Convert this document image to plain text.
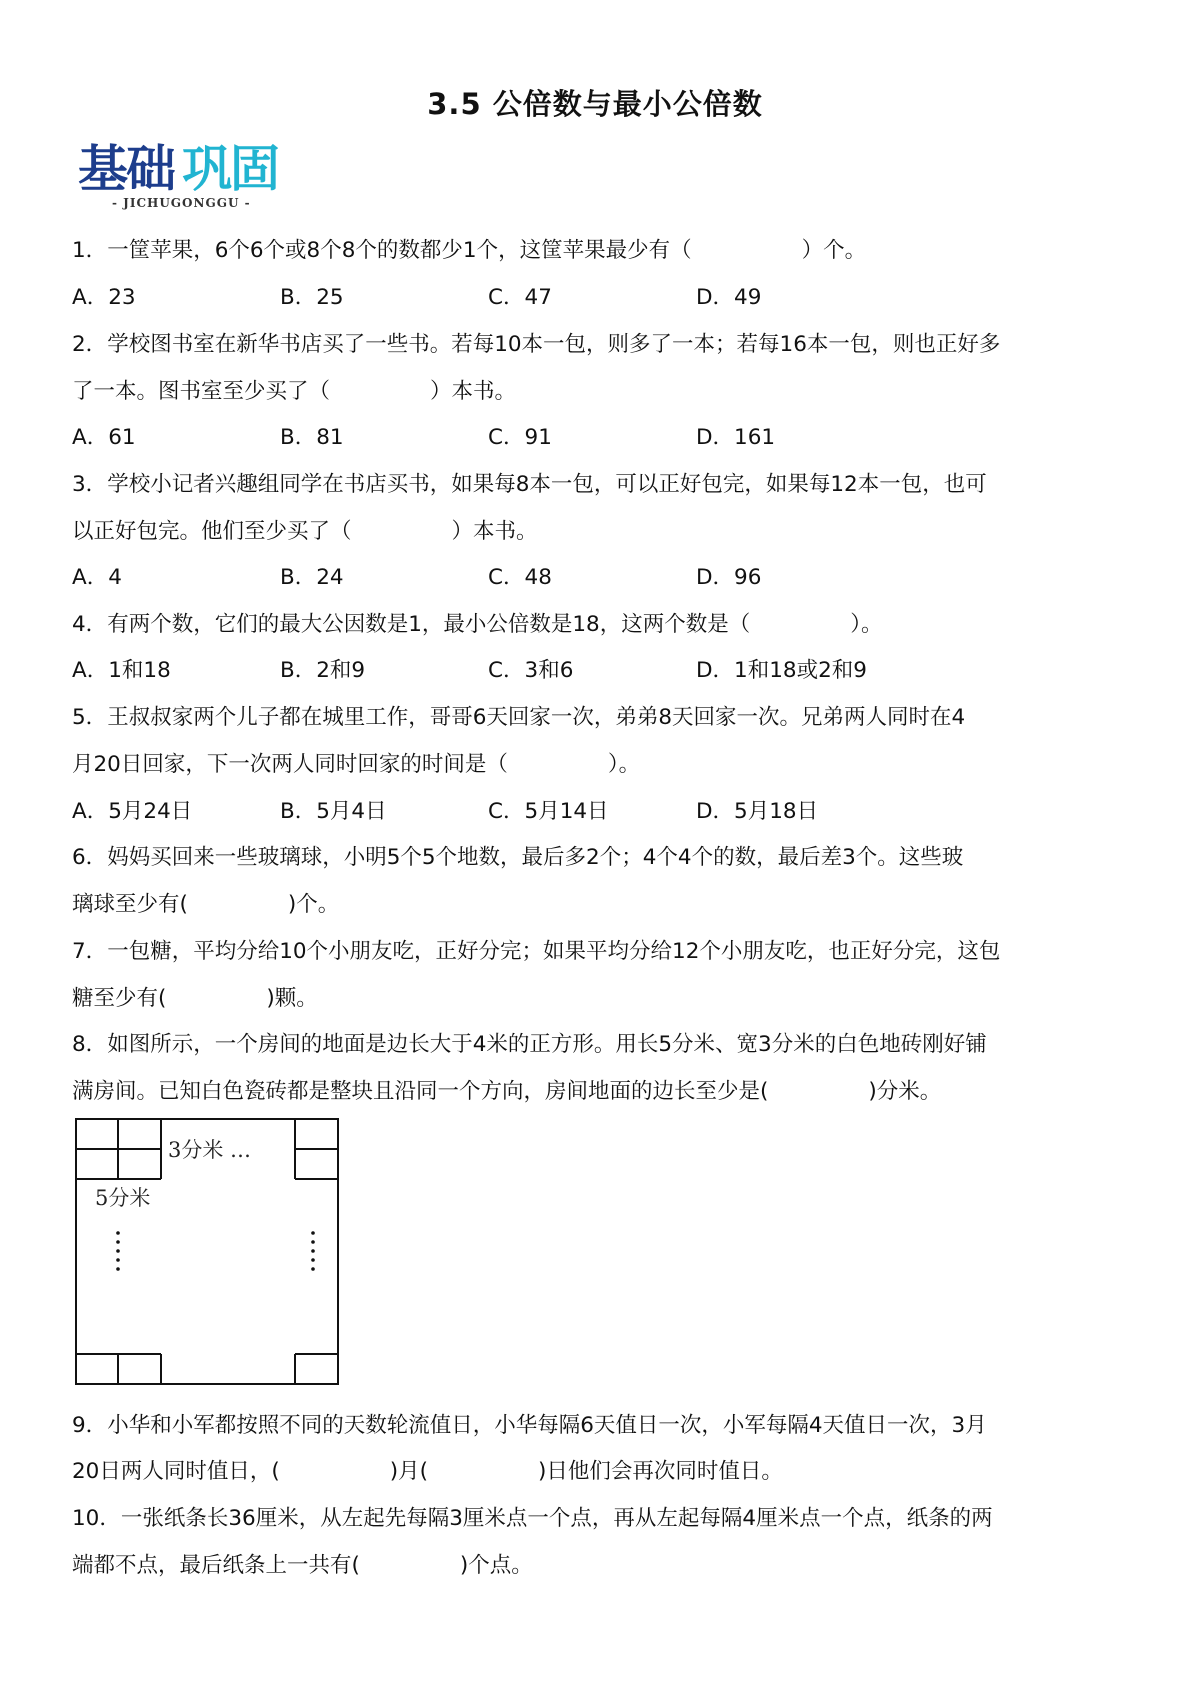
3.5 公倍数与最小公倍数
基础 巩固
- JICHUGONGGU -
1．一筐苹果，6个6个或8个8个的数都少1个，这筐苹果最少有（	）个。
A．23	B．25	C．47	D．49
2．学校图书室在新华书店买了一些书。若每10本一包，则多了一本；若每16本一包，则也正好多
了一本。图书室至少买了（	）本书。
A．61	B．81	C．91	D．161
3．学校小记者兴趣组同学在书店买书，如果每8本一包，可以正好包完，如果每12本一包，也可
以正好包完。他们至少买了（	）本书。
A．4	B．24	C．48	D．96
4．有两个数，它们的最大公因数是1，最小公倍数是18，这两个数是（	）。
A．1和18	B．2和9	C．3和6	D．1和18或2和9
5．王叔叔家两个儿子都在城里工作，哥哥6天回家一次，弟弟8天回家一次。兄弟两人同时在4
月20日回家，下一次两人同时回家的时间是（	）。
A．5月24日	B．5月4日	C．5月14日	D．5月18日
6．妈妈买回来一些玻璃球，小明5个5个地数，最后多2个；4个4个的数，最后差3个。这些玻
璃球至少有(	)个。
7．一包糖，平均分给10个小朋友吃，正好分完；如果平均分给12个小朋友吃，也正好分完，这包
糖至少有(	)颗。
8．如图所示，一个房间的地面是边长大于4米的正方形。用长5分米、宽3分米的白色地砖刚好铺
满房间。已知白色瓷砖都是整块且沿同一个方向，房间地面的边长至少是(	)分米。
3分米 …
5分米
9．小华和小军都按照不同的天数轮流值日，小华每隔6天值日一次，小军每隔4天值日一次，3月
20日两人同时值日，(	)月(	)日他们会再次同时值日。
10．一张纸条长36厘米，从左起先每隔3厘米点一个点，再从左起每隔4厘米点一个点，纸条的两
端都不点，最后纸条上一共有(	)个点。
